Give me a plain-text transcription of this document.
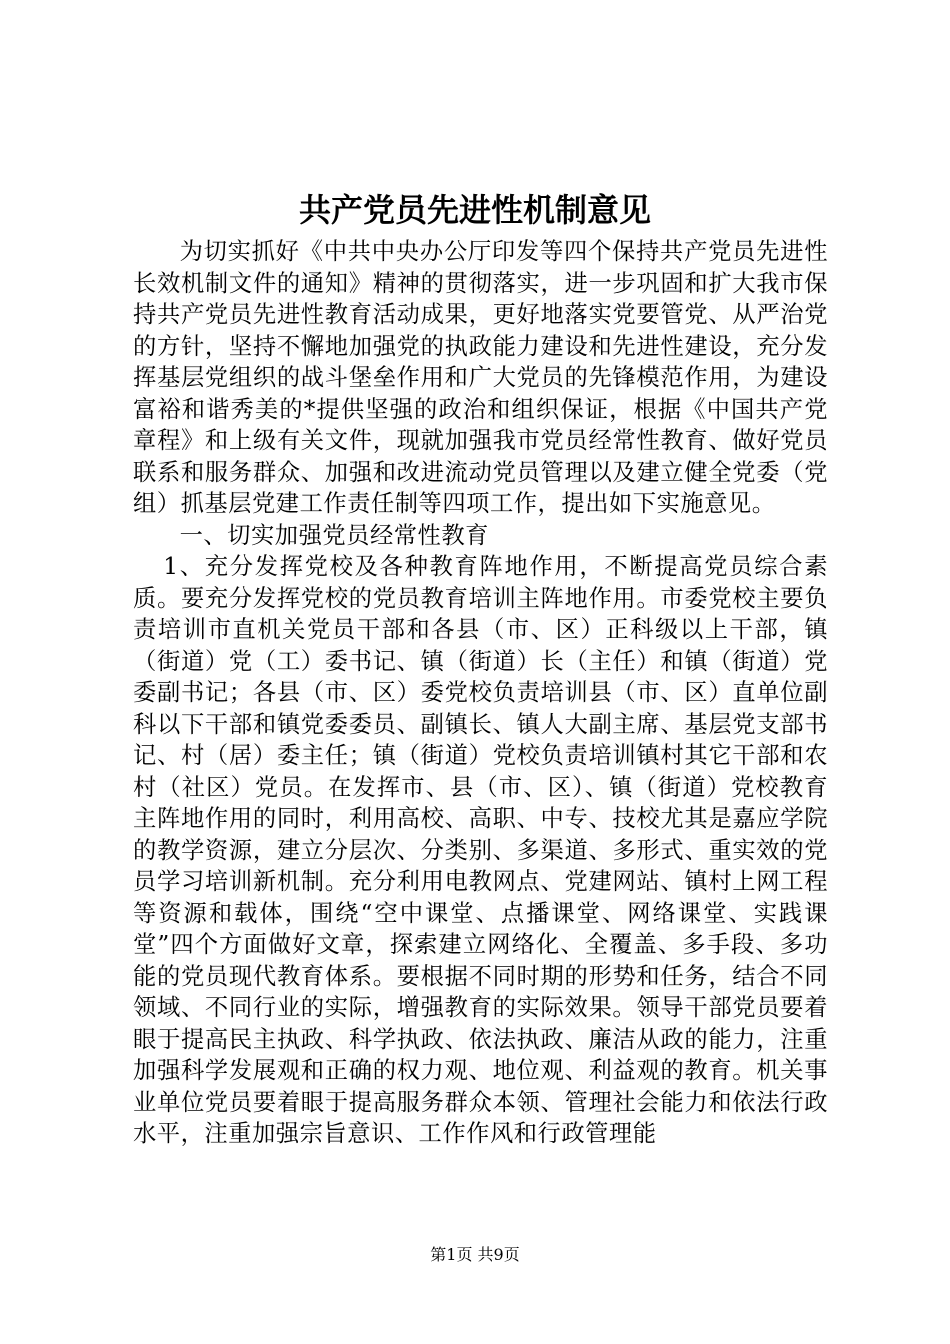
共产党员先进性机制意见

为切实抓好《中共中央办公厅印发等四个保持共产党员先进性长效机制文件的通知》精神的贯彻落实，进一步巩固和扩大我市保持共产党员先进性教育活动成果，更好地落实党要管党、从严治党的方针，坚持不懈地加强党的执政能力建设和先进性建设，充分发挥基层党组织的战斗堡垒作用和广大党员的先锋模范作用，为建设富裕和谐秀美的*提供坚强的政治和组织保证，根据《中国共产党章程》和上级有关文件，现就加强我市党员经常性教育、做好党员联系和服务群众、加强和改进流动党员管理以及建立健全党委（党组）抓基层党建工作责任制等四项工作，提出如下实施意见。

一、切实加强党员经常性教育

1、充分发挥党校及各种教育阵地作用，不断提高党员综合素质。要充分发挥党校的党员教育培训主阵地作用。市委党校主要负责培训市直机关党员干部和各县（市、区）正科级以上干部，镇（街道）党（工）委书记、镇（街道）长（主任）和镇（街道）党委副书记；各县（市、区）委党校负责培训县（市、区）直单位副科以下干部和镇党委委员、副镇长、镇人大副主席、基层党支部书记、村（居）委主任；镇（街道）党校负责培训镇村其它干部和农村（社区）党员。在发挥市、县（市、区）、镇（街道）党校教育主阵地作用的同时，利用高校、高职、中专、技校尤其是嘉应学院的教学资源，建立分层次、分类别、多渠道、多形式、重实效的党员学习培训新机制。充分利用电教网点、党建网站、镇村上网工程等资源和载体，围绕“空中课堂、点播课堂、网络课堂、实践课堂”四个方面做好文章，探索建立网络化、全覆盖、多手段、多功能的党员现代教育体系。要根据不同时期的形势和任务，结合不同领域、不同行业的实际，增强教育的实际效果。领导干部党员要着眼于提高民主执政、科学执政、依法执政、廉洁从政的能力，注重加强科学发展观和正确的权力观、地位观、利益观的教育。机关事业单位党员要着眼于提高服务群众本领、管理社会能力和依法行政水平，注重加强宗旨意识、工作作风和行政管理能

第1页 共9页
